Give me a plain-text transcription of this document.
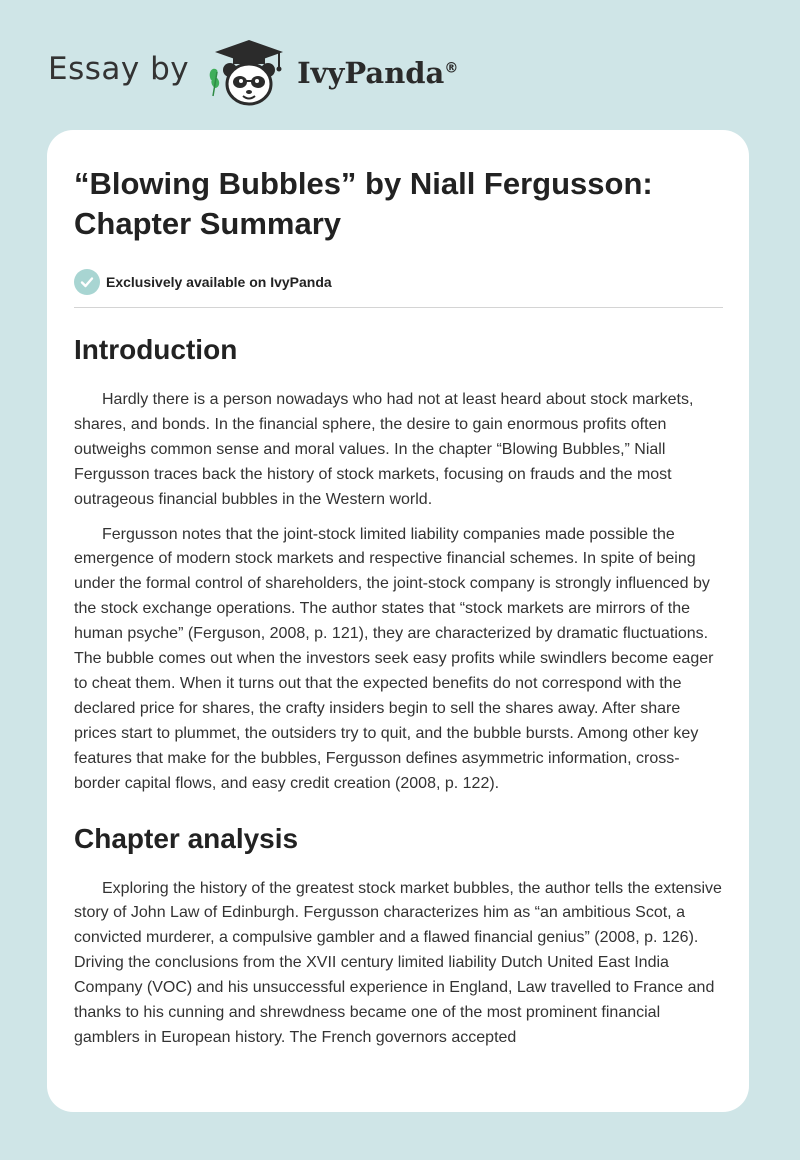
Essay by	IvyPanda®
“Blowing Bubbles” by Niall Fergusson: Chapter Summary
Exclusively available on IvyPanda
Introduction

Hardly there is a person nowadays who had not at least heard about stock markets, shares, and bonds. In the financial sphere, the desire to gain enormous profits often outweighs common sense and moral values. In the chapter “Blowing Bubbles,” Niall Fergusson traces back the history of stock markets, focusing on frauds and the most outrageous financial bubbles in the Western world.

Fergusson notes that the joint-stock limited liability companies made possible the emergence of modern stock markets and respective financial schemes. In spite of being under the formal control of shareholders, the joint-stock company is strongly influenced by the stock exchange operations. The author states that “stock markets are mirrors of the human psyche” (Ferguson, 2008, p. 121), they are characterized by dramatic fluctuations. The bubble comes out when the investors seek easy profits while swindlers become eager to cheat them. When it turns out that the expected benefits do not correspond with the declared price for shares, the crafty insiders begin to sell the shares away. After share prices start to plummet, the outsiders try to quit, and the bubble bursts. Among other key features that make for the bubbles, Fergusson defines asymmetric information, cross-border capital flows, and easy credit creation (2008, p. 122).

Chapter analysis

Exploring the history of the greatest stock market bubbles, the author tells the extensive story of John Law of Edinburgh. Fergusson characterizes him as “an ambitious Scot, a convicted murderer, a compulsive gambler and a flawed financial genius” (2008, p. 126). Driving the conclusions from the XVII century limited liability Dutch United East India Company (VOC) and his unsuccessful experience in England, Law travelled to France and thanks to his cunning and shrewdness became one of the most prominent financial gamblers in European history. The French governors accepted
